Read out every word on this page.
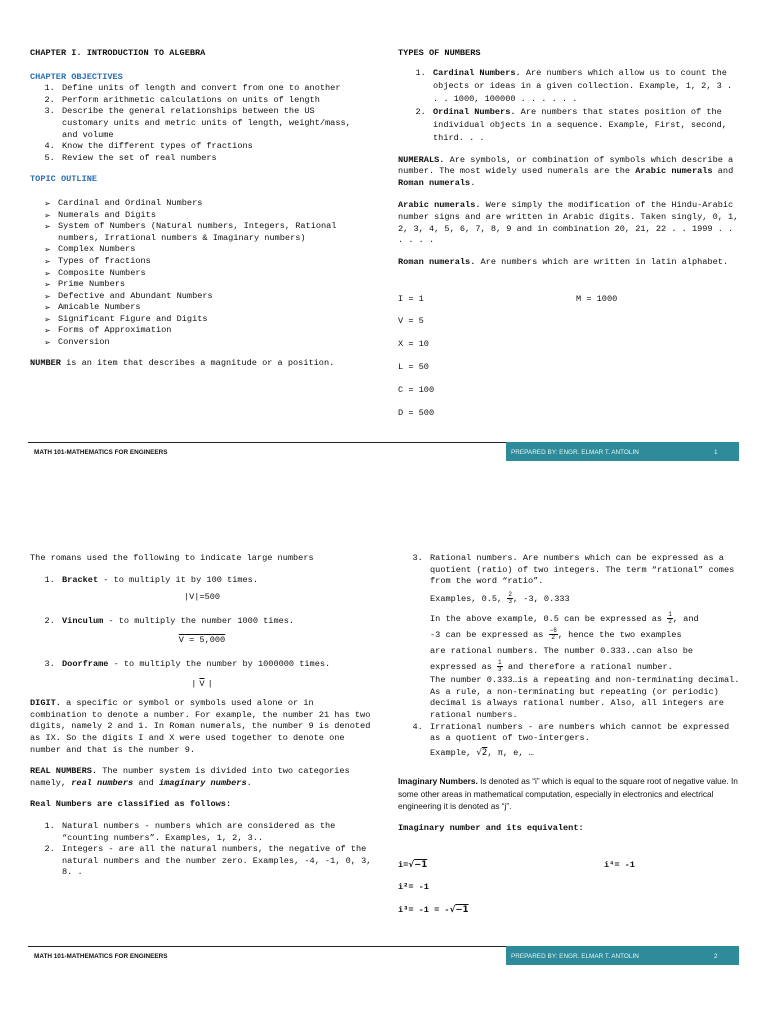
CHAPTER I. INTRODUCTION TO ALGEBRA

CHAPTER OBJECTIVES

1. Define units of length and convert from one to another
2. Perform arithmetic calculations on units of length
3. Describe the general relationships between the US customary units and metric units of length, weight/mass, and volume
4. Know the different types of fractions
5. Review the set of real numbers

TOPIC OUTLINE

➢ Cardinal and Ordinal Numbers
➢ Numerals and Digits
➢ System of Numbers (Natural numbers, Integers, Rational numbers, Irrational numbers & Imaginary numbers)
➢ Complex Numbers
➢ Types of fractions
➢ Composite Numbers
➢ Prime Numbers
➢ Defective and Abundant Numbers
➢ Amicable Numbers
➢ Significant Figure and Digits
➢ Forms of Approximation
➢ Conversion

NUMBER is an item that describes a magnitude or a position.

TYPES OF NUMBERS

1. Cardinal Numbers. Are numbers which allow us to count the objects or ideas in a given collection. Example, 1, 2, 3 . . . 1000, 100000 . . . . . .
2. Ordinal Numbers. Are numbers that states position of the individual objects in a sequence. Example, First, second, third. . .

NUMERALS. Are symbols, or combination of symbols which describe a number. The most widely used numerals are the Arabic numerals and Roman numerals.

Arabic numerals. Were simply the modification of the Hindu-Arabic number signs and are written in Arabic digits. Taken singly, 0, 1, 2, 3, 4, 5, 6, 7, 8, 9 and in combination 20, 21, 22 . . 1999 . . . . . .

Roman numerals. Are numbers which are written in latin alphabet.

I = 1	M = 1000
V = 5
X = 10
L = 50
C = 100
D = 500
MATH 101-MATHEMATICS FOR ENGINEERS	PREPARED BY: ENGR. ELMAR T. ANTOLIN	1

The romans used the following to indicate large numbers

1. Bracket - to multiply it by 100 times.
|V|=500
2. Vinculum - to multiply the number 1000 times.
V = 5,000
3. Doorframe - to multiply the number by 1000000 times.
| $\overline{V}$ |

DIGIT. a specific or symbol or symbols used alone or in combination to denote a number. For example, the number 21 has two digits, namely 2 and 1. In Roman numerals, the number 9 is denoted as IX. So the digits I and X were used together to denote one number and that is the number 9.

REAL NUMBERS. The number system is divided into two categories namely, real numbers and imaginary numbers.

Real Numbers are classified as follows:

1. Natural numbers - numbers which are considered as the “counting numbers”. Examples, 1, 2, 3..
2. Integers - are all the natural numbers, the negative of the natural numbers and the number zero. Examples, -4, -1, 0, 3, 8. .
3. Rational numbers. Are numbers which can be expressed as a quotient (ratio) of two integers. The term “rational” comes from the word “ratio”.
Examples, 0.5, $\frac{2}{3}$ , -3, 0.333
In the above example, 0.5 can be expressed as $\frac{1}{2}$ , and
-3 can be expressed as $\frac{-6}{2}$ , hence the two examples
are rational numbers. The number 0.333..can also be
expressed as $\frac{1}{3}$ and therefore a rational number.
The number 0.333…is a repeating and non-terminating decimal. As a rule, a non-terminating but repeating (or periodic) decimal is always rational number. Also, all integers are rational numbers.
4. Irrational numbers - are numbers which cannot be expressed as a quotient of two-intergers.
Example, √2, π, e, …

Imaginary Numbers. Is denoted as “i” which is equal to the square root of negative value. In some other areas in mathematical computation, especially in electronics and electrical engineering it is denoted as “j”.

Imaginary number and its equivalent:

i=√−1	i⁴= -1
i²= -1
i³= -1 = -√−1
MATH 101-MATHEMATICS FOR ENGINEERS	PREPARED BY: ENGR. ELMAR T. ANTOLIN	2
